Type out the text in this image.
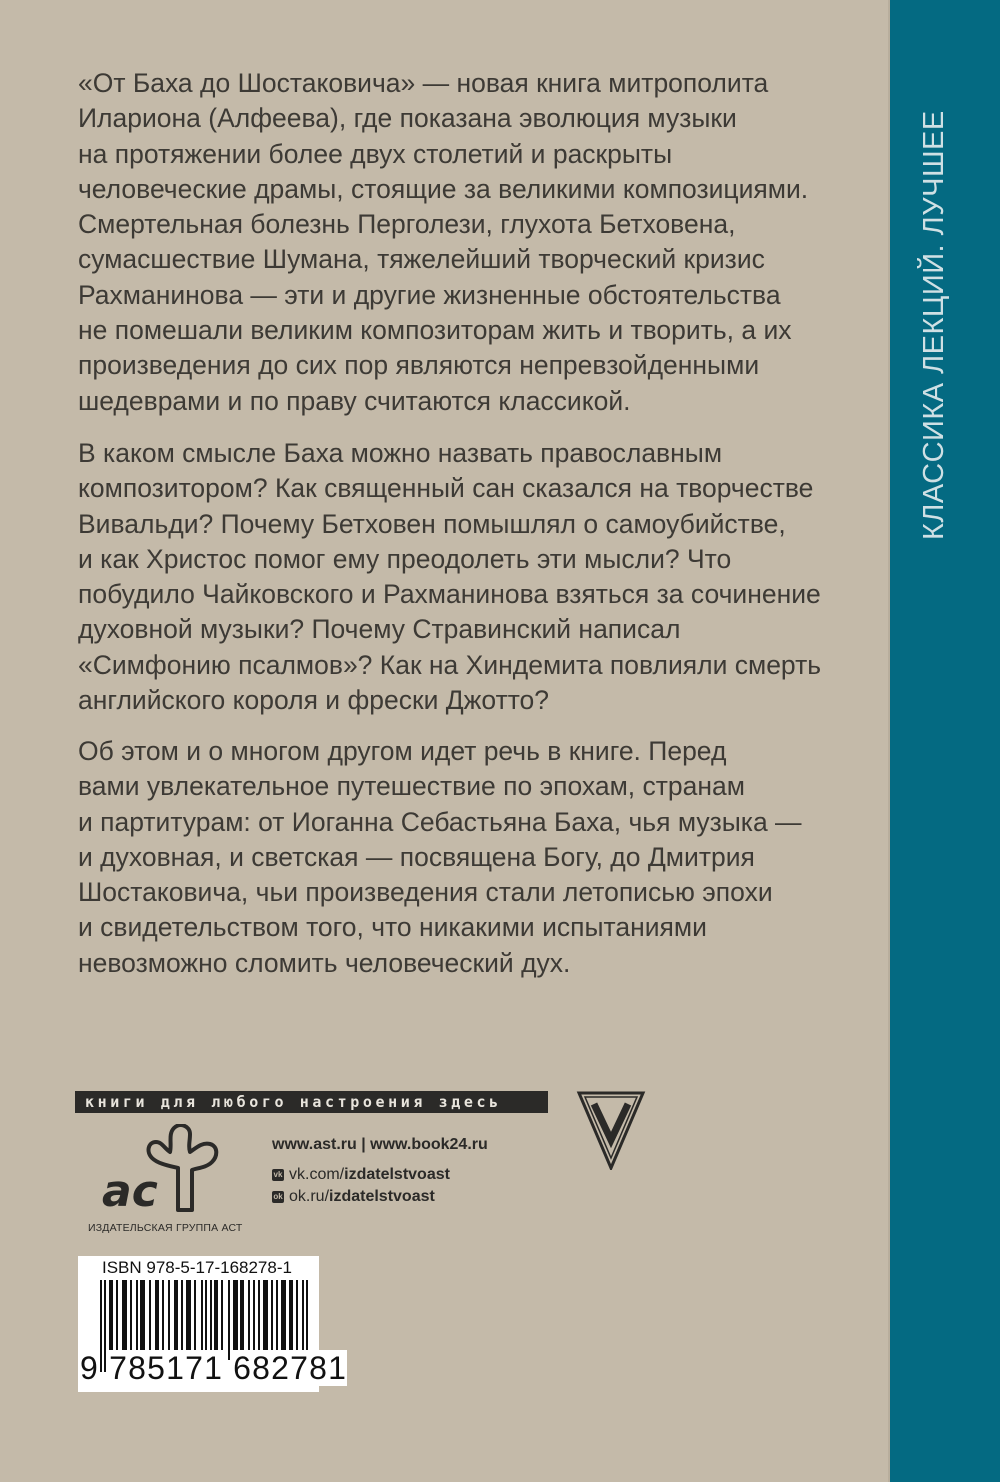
«От Баха до Шостаковича» — новая книга митрополита
Илариона (Алфеева), где показана эволюция музыки
на протяжении более двух столетий и раскрыты
человеческие драмы, стоящие за великими композициями.
Смертельная болезнь Перголези, глухота Бетховена,
сумасшествие Шумана, тяжелейший творческий кризис
Рахманинова — эти и другие жизненные обстоятельства
не помешали великим композиторам жить и творить, а их
произведения до сих пор являются непревзойденными
шедеврами и по праву считаются классикой.
В каком смысле Баха можно назвать православным
композитором? Как священный сан сказался на творчестве
Вивальди? Почему Бетховен помышлял о самоубийстве,
и как Христос помог ему преодолеть эти мысли? Что
побудило Чайковского и Рахманинова взяться за сочинение
духовной музыки? Почему Стравинский написал
«Симфонию псалмов»? Как на Хиндемита повлияли смерть
английского короля и фрески Джотто?
Об этом и о многом другом идет речь в книге. Перед
вами увлекательное путешествие по эпохам, странам
и партитурам: от Иоганна Себастьяна Баха, чья музыка —
и духовная, и светская — посвящена Богу, до Дмитрия
Шостаковича, чьи произведения стали летописью эпохи
и свидетельством того, что никакими испытаниями
невозможно сломить человеческий дух.
книги для любого настроения здесь
ас
ИЗДАТЕЛЬСКАЯ ГРУППА АСТ
www.ast.ru | www.book24.ru
vk vk.com/ izdatelstvoast
ok ok.ru/ izdatelstvoast
ISBN 978-5-17-168278-1
9 785171 682781
КЛАССИКА ЛЕКЦИЙ. ЛУЧШЕЕ
